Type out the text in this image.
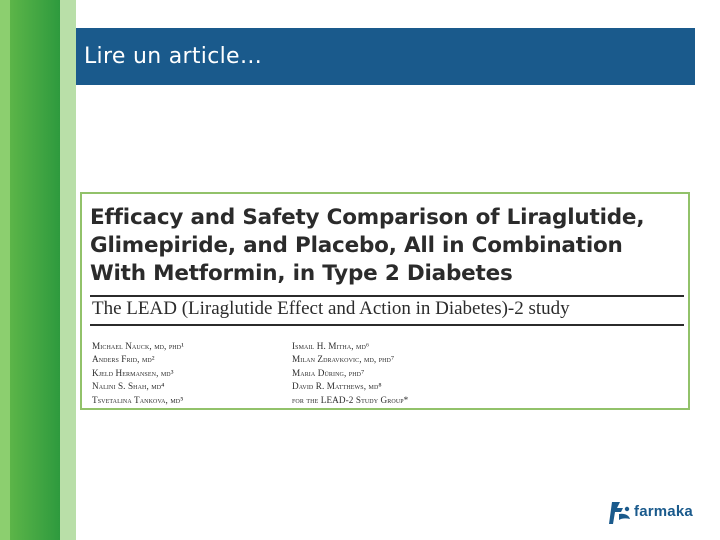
Lire un article…
Efficacy and Safety Comparison of Liraglutide,
Glimepiride, and Placebo, All in Combination
With Metformin, in Type 2 Diabetes
The LEAD (Liraglutide Effect and Action in Diabetes)-2 study
Michael Nauck, md, phd¹
Anders Frid, md²
Kjeld Hermansen, md³
Nalini S. Shah, md⁴
Tsvetalina Tankova, md⁵
Ismail H. Mitha, md⁶
Milan Zdravkovic, md, phd⁷
Maria Düring, phd⁷
David R. Matthews, md⁸
for the LEAD-2 Study Group*
farmaka
